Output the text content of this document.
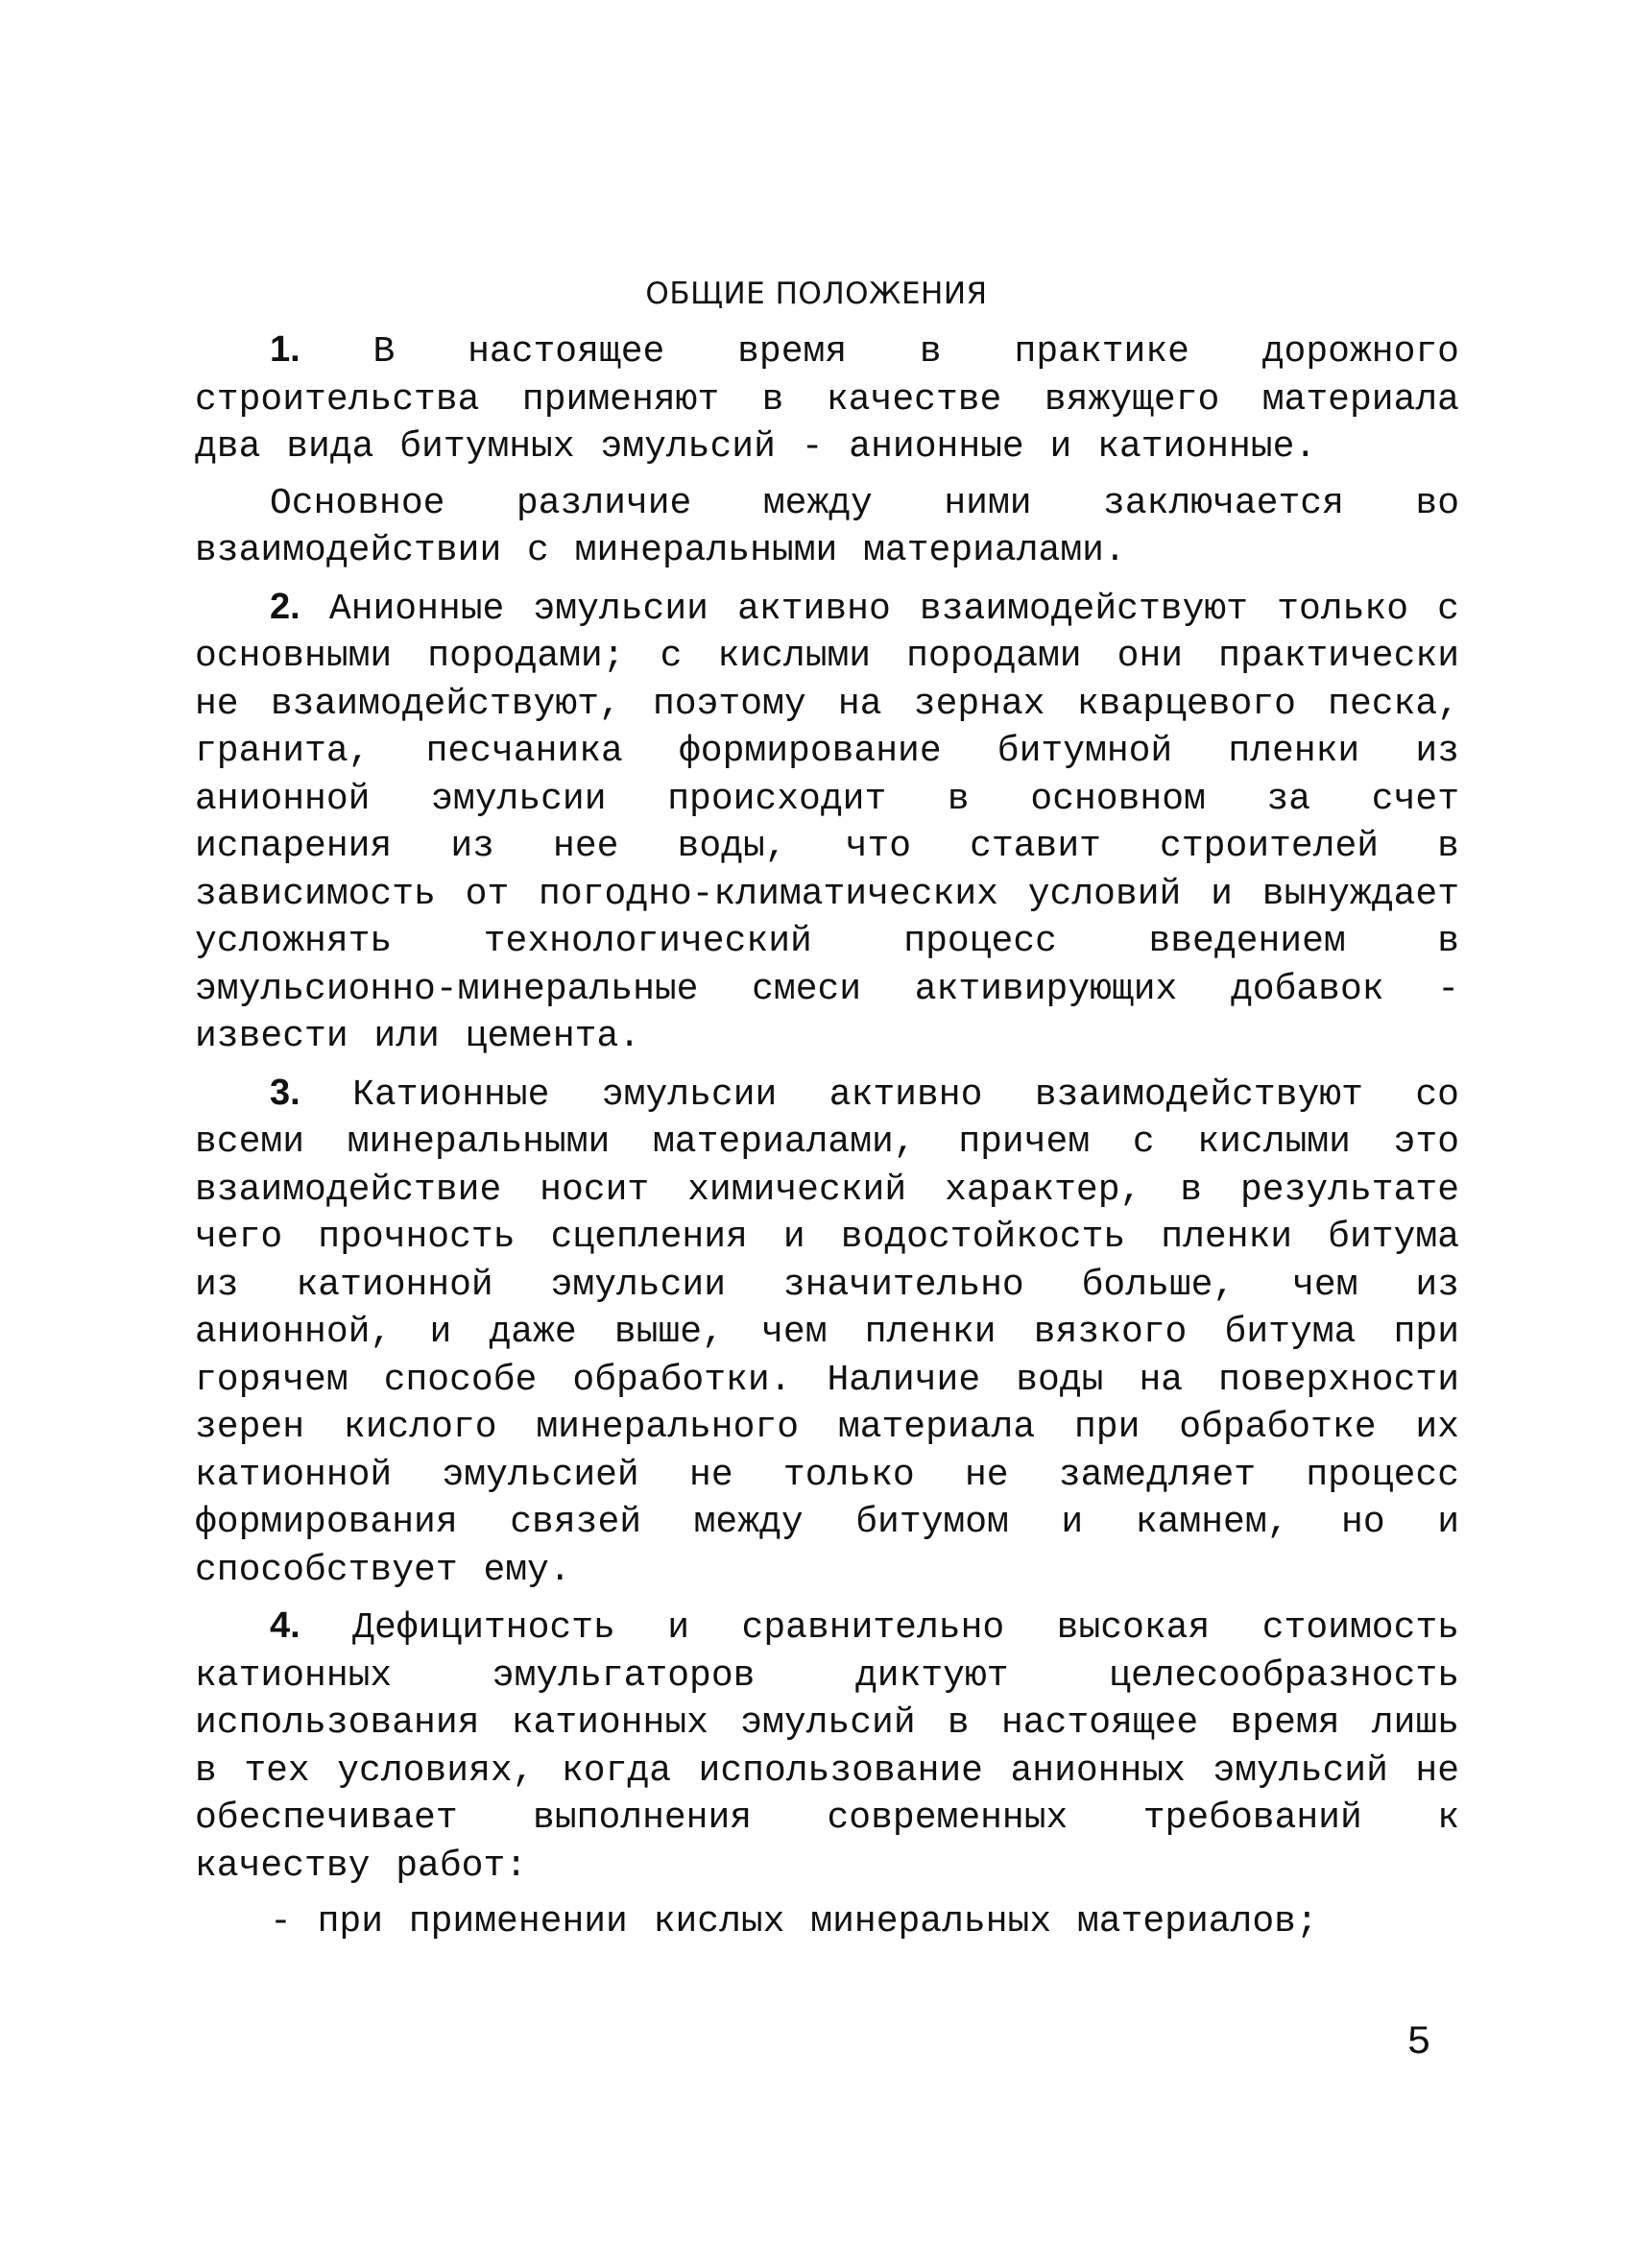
ОБЩИЕ ПОЛОЖЕНИЯ

1. В настоящее время в практике дорожного строительства применяют в качестве вяжущего материала два вида битумных эмульсий - анионные и катионные.

Основное различие между ними заключается во взаимодействии с минеральными материалами.

2. Анионные эмульсии активно взаимодействуют только с основными породами; с кислыми породами они практически не взаимодействуют, поэтому на зернах кварцевого песка, гранита, песчаника формирование битумной пленки из анионной эмульсии происходит в основном за счет испарения из нее воды, что ставит строителей в зависимость от погодно-климатических условий и вынуждает усложнять технологический процесс введением в эмульсионно-минеральные смеси активирующих добавок - извести или цемента.

3. Катионные эмульсии активно взаимодействуют со всеми минеральными материалами, причем с кислыми это взаимодействие носит химический характер, в результате чего прочность сцепления и водостойкость пленки битума из катионной эмульсии значительно больше, чем из анионной, и даже выше, чем пленки вязкого битума при горячем способе обработки. Наличие воды на поверхности зерен кислого минерального материала при обработке их катионной эмульсией не только не замедляет процесс формирования связей между битумом и камнем, но и способствует ему.

4. Дефицитность и сравнительно высокая стоимость катионных эмульгаторов диктуют целесообразность использования катионных эмульсий в настоящее время лишь в тех условиях, когда использование анионных эмульсий не обеспечивает выполнения современных требований к качеству работ:

- при применении кислых минеральных материалов;

5
